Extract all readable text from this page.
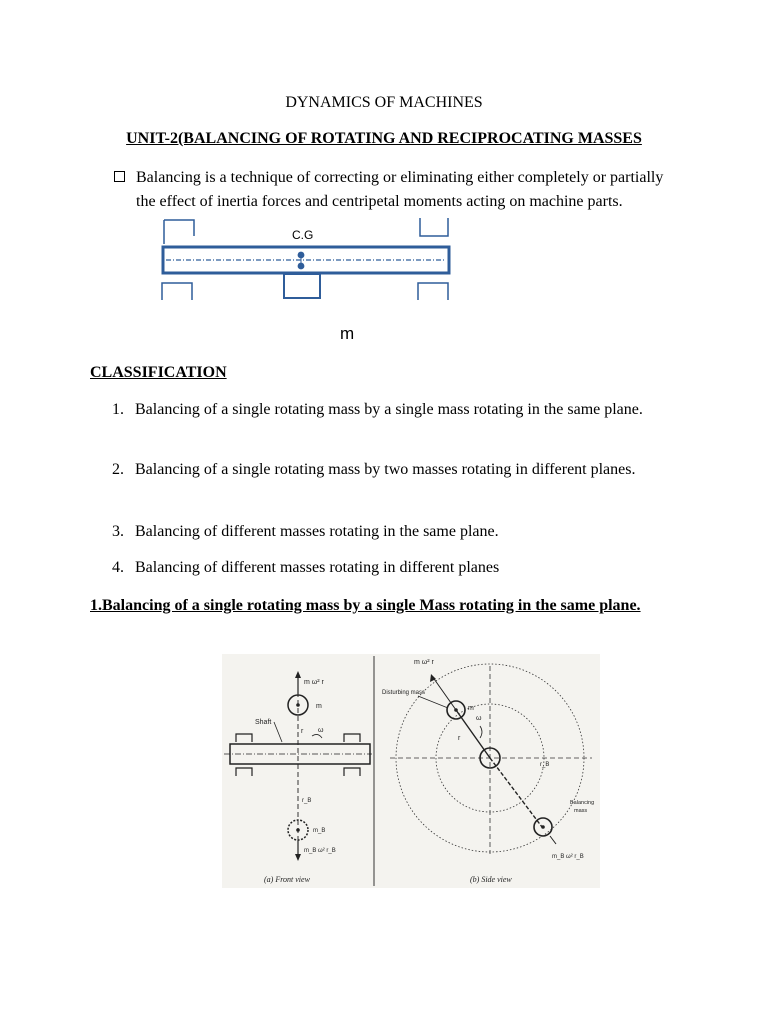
DYNAMICS OF MACHINES
UNIT-2(BALANCING OF ROTATING AND RECIPROCATING MASSES
Balancing is a technique of correcting or eliminating either completely or partially the effect of inertia forces and centripetal moments acting on machine parts.
C.G
m
CLASSIFICATION
1. Balancing of a single rotating mass by a single mass rotating in the same plane.
2. Balancing of a single rotating mass by two masses rotating in different planes.
3. Balancing of different masses rotating in the same plane.
4. Balancing of different masses rotating in different planes
1.Balancing of a single rotating mass by a single Mass rotating in the same plane.
m ω² r
m
Shaft
r ω
r_B
m_B
m_B ω² r_B
(a) Front view
m ω² r
Disturbing mass
m
ω
r
r_B
Balancing
mass
m_B ω² r_B
(b) Side view
